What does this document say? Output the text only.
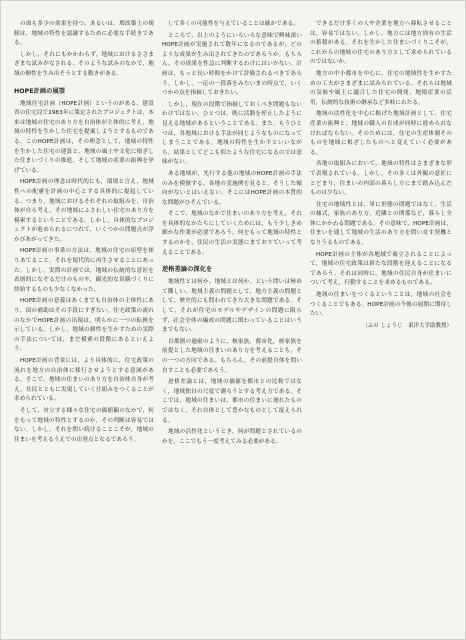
の面も多少の効果を持つ。あるいは，増改築上の規制は，地域の特性を認識するために必要な手続きである。

しかし，それにもかかわらず，地域におけるささまざまな試みがなされる。そのような試みのなかで，地域の個性を生み出そうとする動きがある。

HOPE計画の展望

地域住宅計画（HOPE計画）というのがある。建設省の住宅局で1983年に策定されたプロジェクトは，本来は地域の住宅のあり方を自治体が主体的に考え，地域の特性を生かした住宅を提案しようとするものである。このHOPE計画は，その理念として，地域の特性を生かした住宅の建設と，地域の風土や文化に根ざした住まいづくりの推進，そして地域の産業の振興を挙げている。

HOPE計画の理念は時代的にも，環境と言え，地域性への配慮を計画の中心とする具体的に提起している。つまり，地域におけるそれぞれの取組みを，自治体が自ら考え，その地域にふさわしい住宅のあり方を模索するということである。しかし，具体的なプロジェクトが進められるにつれて，いくつかの問題点が浮かびあがってきた。

HOPE計画の事業の方法は，地域の住宅の原型を探りあてること，それを現代的に再生させることにあった。しかし，実際の計画では，地域の伝統的な意匠を表層的になぞるだけのものや，観光的な景観づくりに終始するものも少なくなかった。

HOPE計画の意義はあくまでも自治体の主体性にあり，国の補助はその手段にすぎない。住宅政策の流れのなかでHOPE計画の出現は，明らかに一つの転換を示している。しかし，地域の個性を生かすための実際の手法については，まだ模索の段階にあるといえよう。

HOPE計画の背景には，より具体的に，住宅政策の流れを地方の自治体に移行させようとする意図がある。そこで，地域の住まいのあり方を自治体自身が考え，住民とともに実現していく仕組みをつくることが求められている。

そして，対立する様々な住宅の価値観のなかで，何をもって地域の特性とするのか，その判断は容易ではない。しかし，それを問い続けることこそが，地域の住まいを考えるうえでの出発点となるであろう。

して多くの可能性を与えていることは確かである。

ところで，以上のようにいろいろな意味で興味深いHOPE計画が実施されて数年になるのであるが，どのような成果が生み出されてきたのであろうか。もちろん，その成果を性急に判断するわけにはいかない。計画は，もっと長い時間をかけて評価されるべきであろう。しかし，一応の一段落をみたいまの時点で，いくつかの点を指摘しておきたい。

しかし，現在の段階で指摘しておくべき問題もないわけではない。ひとつは，既に活動を停止したように見える地域があるということである。また，もうひとつは，各地域における手法が同じようなものになってしまうことである。地域の特性を生かすといいながら，結果としてどこも似たような住宅になるのでは意味がない。

ある地域が，先行する他の地域のHOPE計画の手法のみを模倣する。各地の実施例を見ると，そうした傾向がないとはいえない。そこにはHOPE計画の本質的な問題がひそんでいる。

そこで，地域のなかで住まいのあり方を考え，それを具体的なかたちにしていくためには，もう少しきめ細かな作業が必要であろう。何をもって地域の特性とするのかを，住民の生活の実態にまでおりていって考えることである。

逆格差論の深化を

地域性とは何か。地域とは何か。という問いは極めて難しい。地域主義の問題として，地方主義の問題として，歴史的にも問われてきた大きな問題である。そして，それが住宅のモデルやデザインの問題に限らず，社会全体の編成の問題に関わっていることはいうまでもない。

首都圏の過密のように，核家族，都市化，核家族を前提とした地域の住まいのあり方を考えることも，その一つの方向である。もちろん，その前提自体を問い直すことも必要であろう。

逆格差論とは，地域の価値を都市との比較ではなく，地域独自の尺度で測ろうとする考え方である。そこでは，地域の住まいは，都市の住まいに遅れたものではなく，それ自体として豊かなものとして捉えられる。

地域の活性化というとき，何が問題とされているのかを，ここでもう一度考えてみる必要がある。

できるだけ多くの人や企業を地方へ移転させることは，容易ではない。しかし，地方には地方固有の生活の蓄積がある。それを生かした住まいづくりこそが，これからの地域の住宅のあり方として求められているのではないか。

地方の中小都市を中心に，住宅の地域性を生かすための工夫がさまざまに試みられている。それらは地域の気候や風土に適合した住宅の開発，地場産業の活用，伝統的な技術の継承など多岐にわたる。

地域の活性化を中心に掲げた地域計画として，住宅産業の振興と，地域の職人の育成が同時に進められなければならない。そのためには，住宅の生産体制そのものを地域に根ざしたものへと変えていく必要がある。

各地の取組みにおいて，地域の特性はさまざまな形で表現されている。しかし，その多くは外観の意匠にとどまり，住まいの内部の暮らし方にまで踏み込んだものは少ない。

住宅の地域性とは，単に形態の問題ではなく，生活の様式，家族のあり方，近隣との関係など，暮らし全体にかかわる問題である。その意味で，HOPE計画は，住まいを通して地域の生活のあり方を問い直す契機となりうるものである。

HOPE計画の主体が各地域で確立されることによって，地域の住宅政策は新たな段階を迎えることになるであろう。それは同時に，地域の住民自身が住まいについて考え，行動することを求めるものである。

地域の住まいをつくるということは，地域の社会をつくることでもある。HOPE計画の今後の展開に期待したい。

（ふの しょうじ　東洋大学助教授）
